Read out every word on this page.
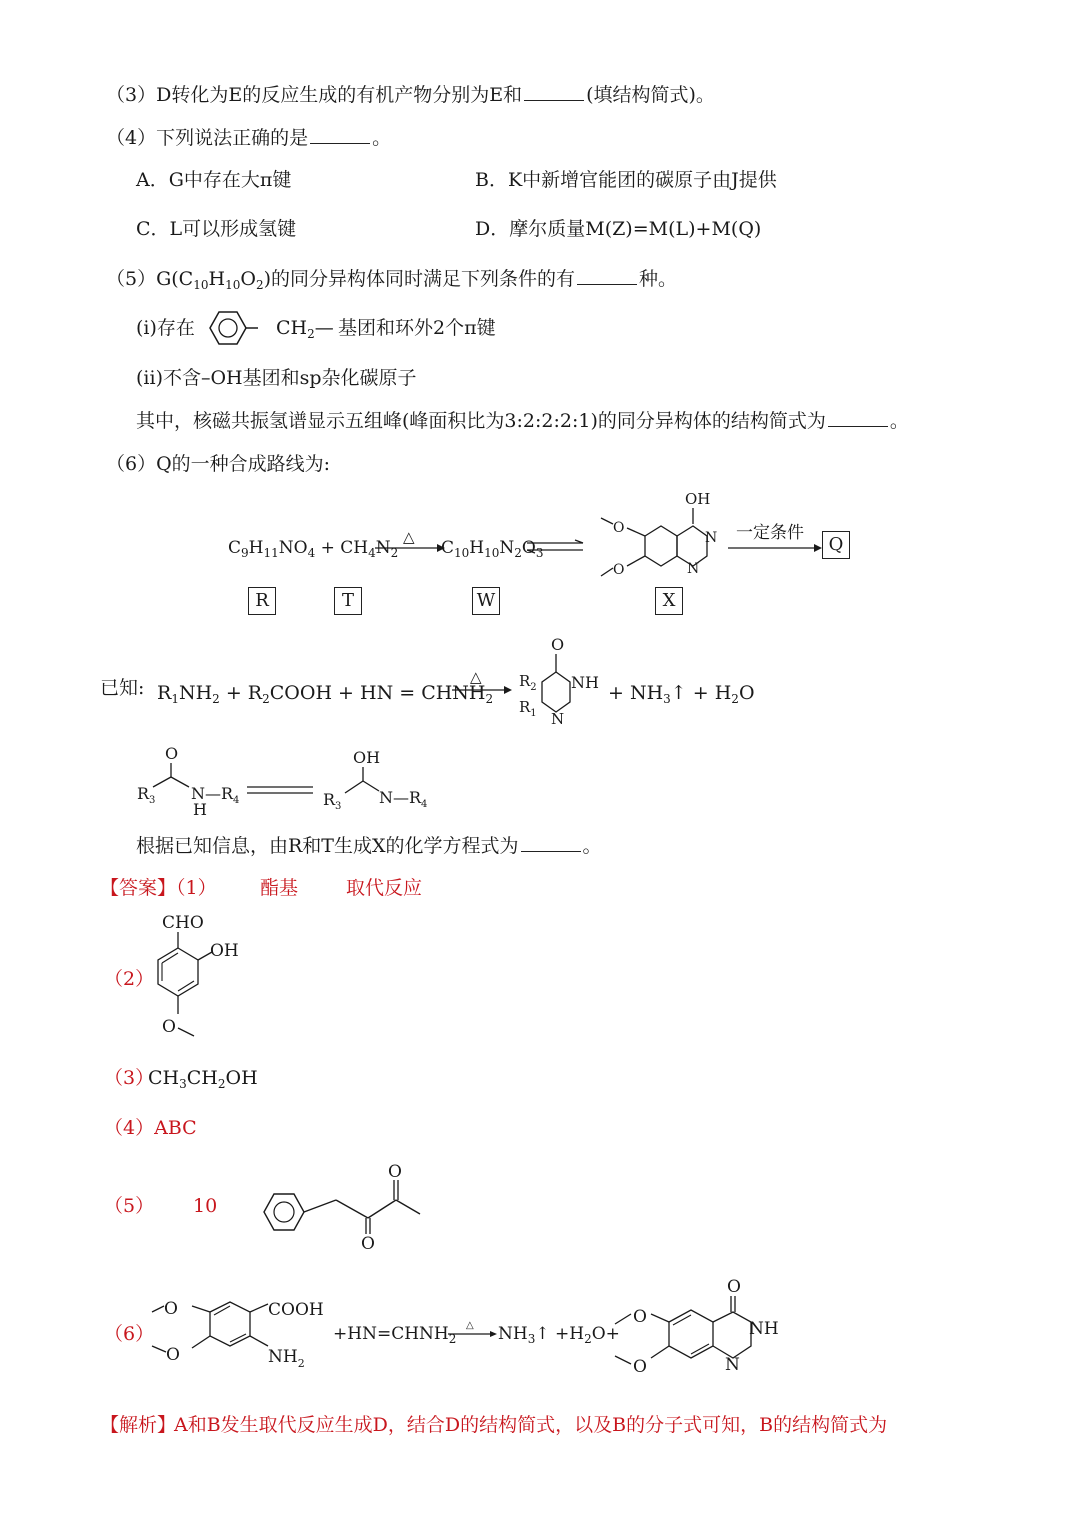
（3）D转化为E的反应生成的有机产物分别为E和	(填结构简式)。
（4）下列说法正确的是	。
A．G中存在大π键	B．K中新增官能团的碳原子由J提供
C．L可以形成氢键	D．摩尔质量M(Z)=M(L)+M(Q)
$(5)G(C_{10}H_{10}O_2)$的同分异构体同时满足下列条件的有	种。
(i)存在	$CH_2—$ 基团和环外2个π键
(ii)不含–OH基团和sp杂化碳原子
其中，核磁共振氢谱显示五组峰(峰面积比为3:2:2:2:1)的同分异构体的结构简式为	。
（6）Q的一种合成路线为:
$C_9H_{11}NO_4 + CH_4N_2$
△
$C_{10}H_{10}N_2O_3$
OH
N
N
O
O
一定条件
Q
R	T	W	X
已知: $R_1NH_2$ + $R_2COOH$ + HN = $CHNH_2$
△
O
NH
$R_2$
$R_1$ N
+ $NH_3↑ + H_2O$
O
$R_3$ N
H
$—R_4$
OH
$R_3$ $N—R_4$
根据已知信息，由R和T生成X的化学方程式为	。
【答案】（1） 酯基	取代反应
（2）
CHO
OH
O
（3）
$CH_3CH_2OH$
（4）ABC
（5） 10
O
O
（6）
COOH
$NH_2$
O
O
$+HN=CHNH_2$
△ $NH_3↑ +H_2O+$
O
NH
N
O
O
【解析】
A和B发生取代反应生成D，结合D的结构简式，以及B的分子式可知，B的结构简式为
